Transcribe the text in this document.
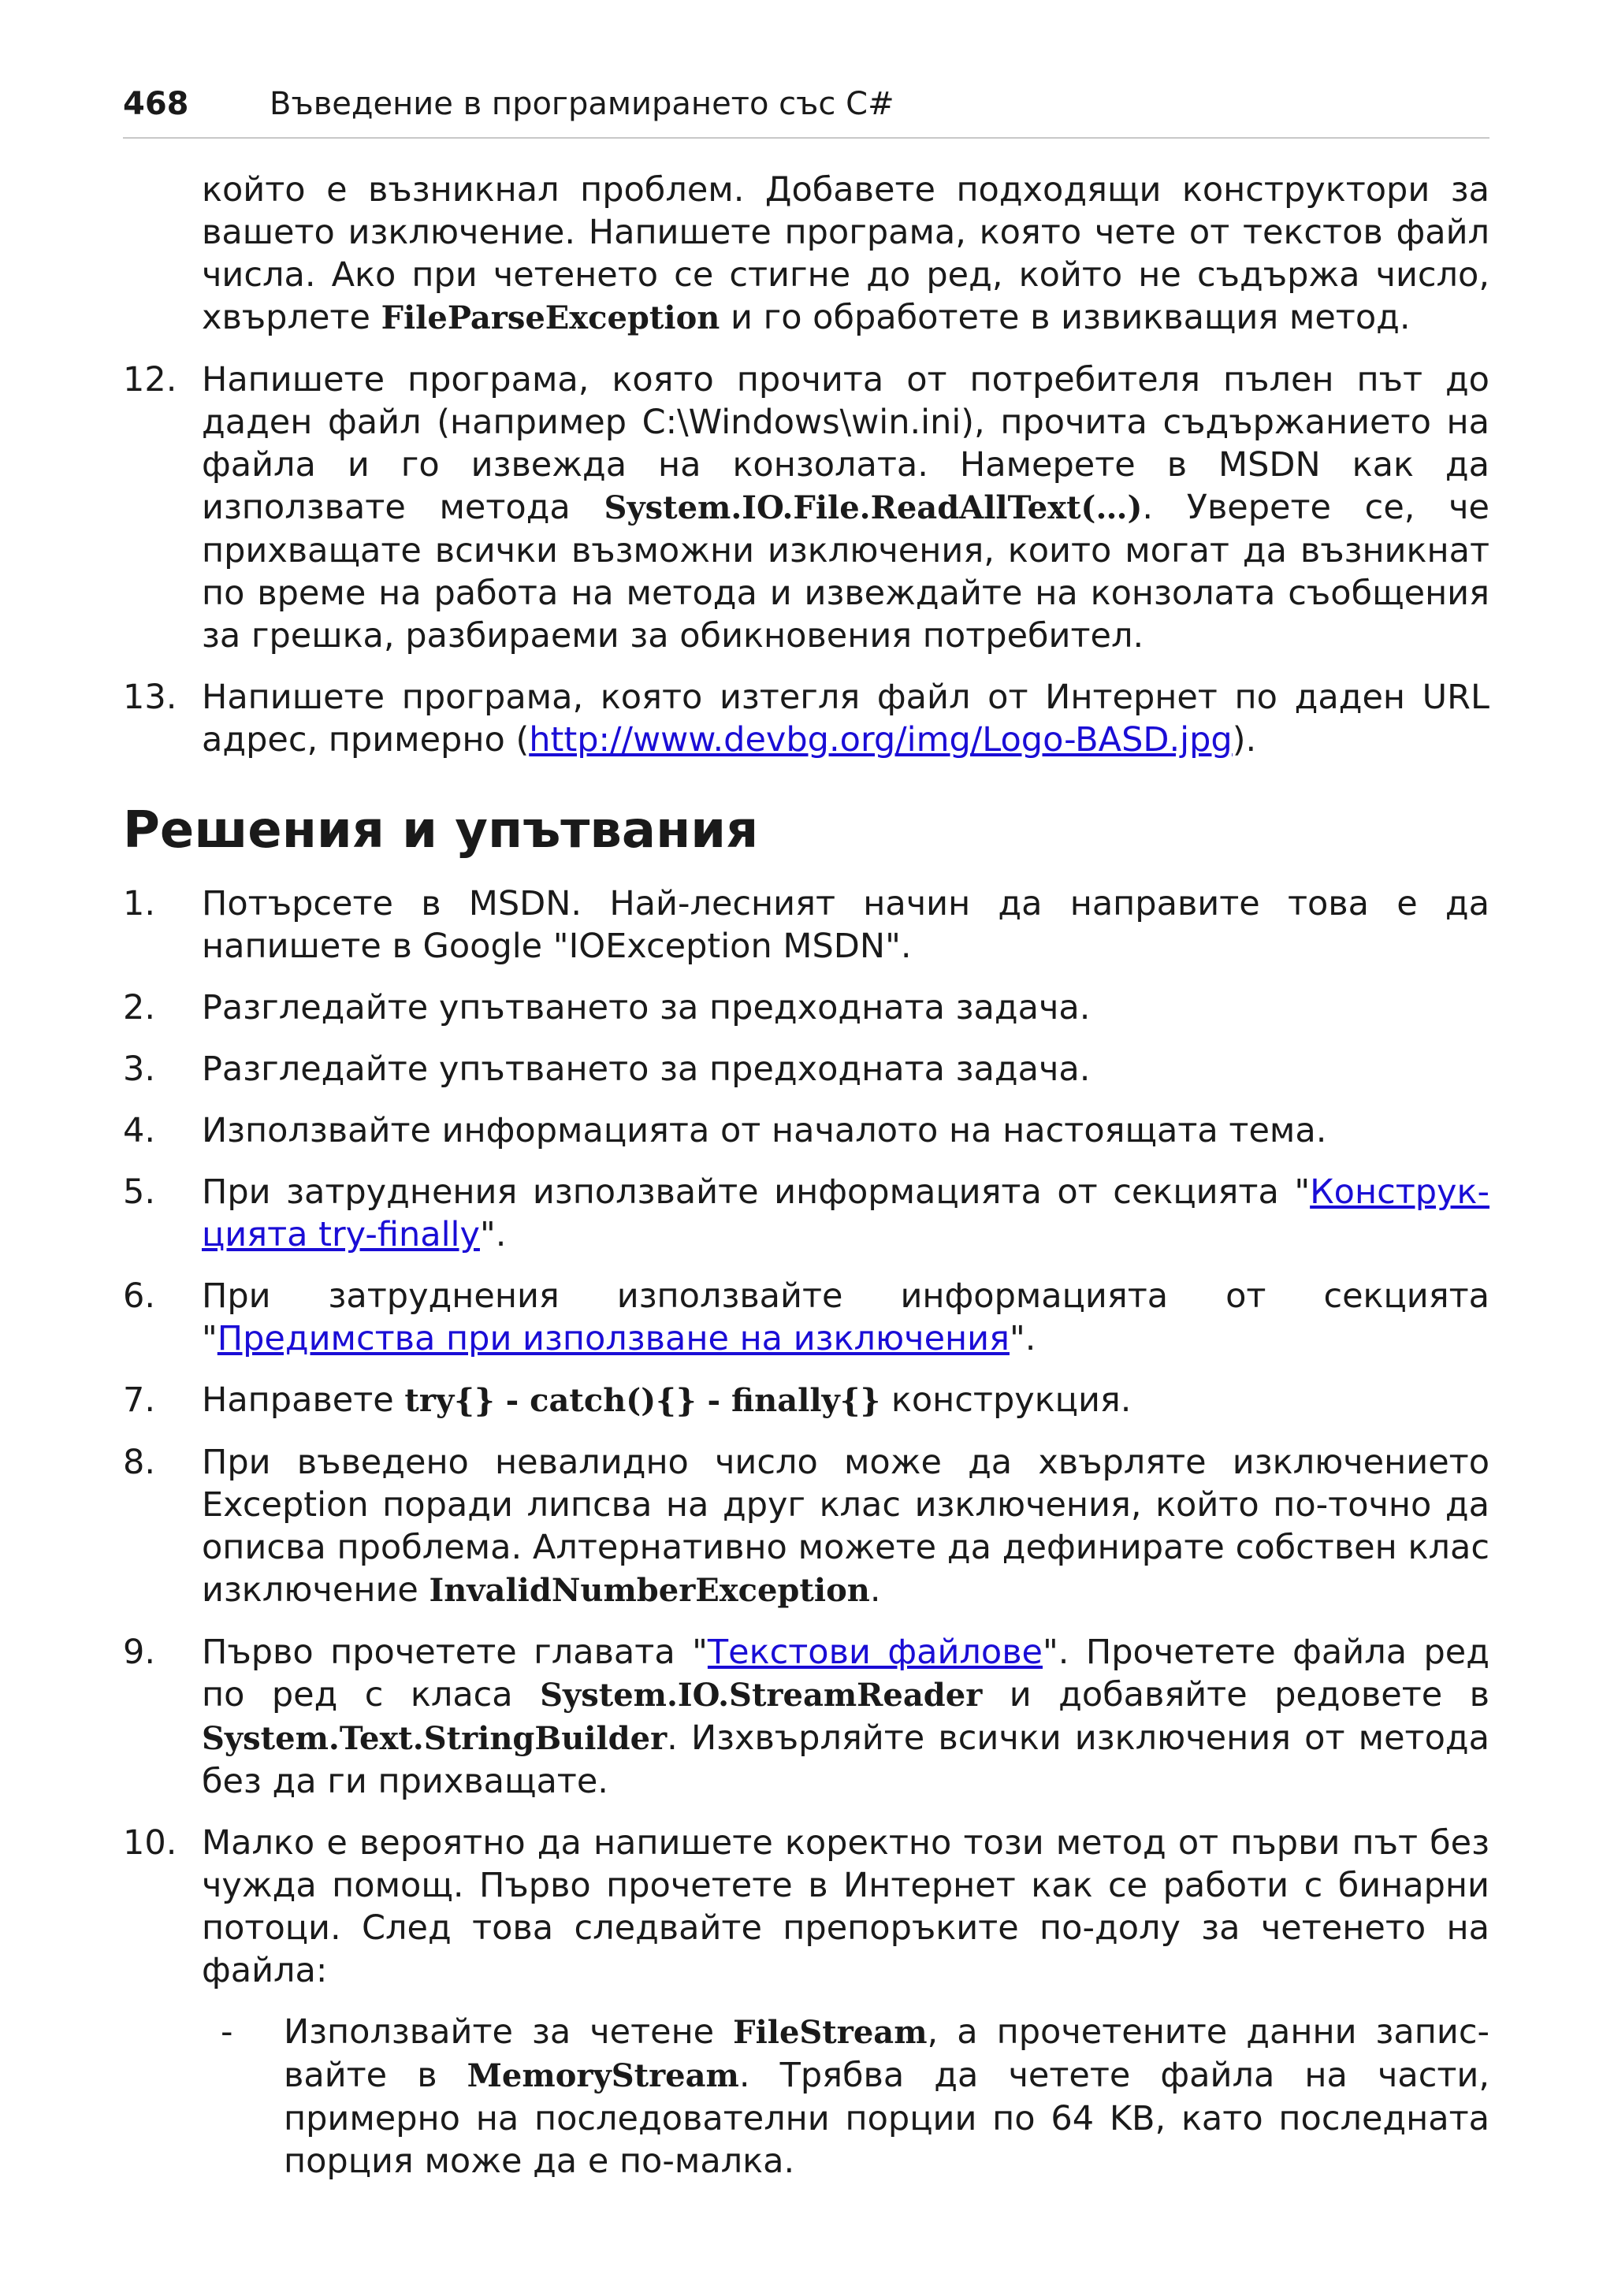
468	Въведение в програмирането със C#
който е възникнал проблем. Добавете подходящи конструктори за вашето изключение. Напишете програма, която чете от текстов файл числа. Ако при четенето се стигне до ред, който не съдържа число, хвърлете FileParseException и го обработете в извикващия метод.
12. Напишете програма, която прочита от потребителя пълен път до даден файл (например C:\Windows\win.ini), прочита съдържанието на файла и го извежда на конзолата. Намерете в MSDN как да използвате метода System.IO.File.ReadAllText(…). Уверете се, че прихващате всички възможни изключения, които могат да възникнат по време на работа на метода и извеждайте на конзолата съобщения за грешка, разбираеми за обикновения потребител.
13. Напишете програма, която изтегля файл от Интернет по даден URL адрес, примерно (http://www.devbg.org/img/Logo-BASD.jpg).
Решения и упътвания
1.	Потърсете в MSDN. Най-лесният начин да направите това е да напишете в Google "IOException MSDN".
2.	Разгледайте упътването за предходната задача.
3.	Разгледайте упътването за предходната задача.
4.	Използвайте информацията от началото на настоящата тема.
5.	При затруднения използвайте информацията от секцията "Конструк-цията try-finally".
6.	При затруднения използвайте информацията от секцията "Предимства при използване на изключения".
7.	Направете try{} - catch(){} - finally{} конструкция.
8.	При въведено невалидно число може да хвърляте изключението Exception поради липсва на друг клас изключения, който по-точно да описва проблема. Алтернативно можете да дефинирате собствен клас изключение InvalidNumberException.
9.	Първо прочетете главата "Текстови файлове". Прочетете файла ред по ред с класа System.IO.StreamReader и добавяйте редовете в System.Text.StringBuilder. Изхвърляйте всички изключения от метода без да ги прихващате.
10. Малко е вероятно да напишете коректно този метод от първи път без чужда помощ. Първо прочетете в Интернет как се работи с бинарни потоци. След това следвайте препоръките по-долу за четенето на файла:
-	Използвайте за четене FileStream, а прочетените данни запис-вайте в MemoryStream. Трябва да четете файла на части, примерно на последователни порции по 64 KB, като последната порция може да е по-малка.
